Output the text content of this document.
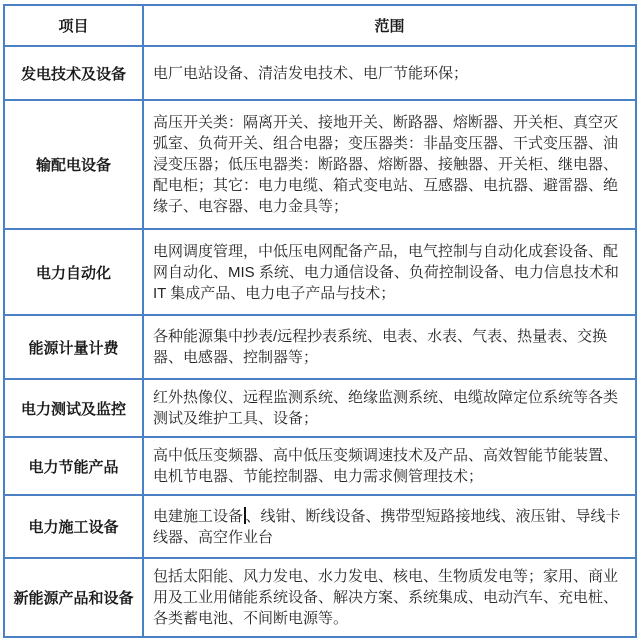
项目	范围
发电技术及设备	电厂电站设备、清洁发电技术、电厂节能环保；
输配电设备	高压开关类：隔离开关、接地开关、断路器、熔断器、开关柜、真空灭弧室、负荷开关、组合电器；变压器类：非晶变压器、干式变压器、油浸变压器；低压电器类：断路器、熔断器、接触器、开关柜、继电器、配电柜；其它：电力电缆、箱式变电站、互感器、电抗器、避雷器、绝缘子、电容器、电力金具等；
电力自动化	电网调度管理，中低压电网配备产品，电气控制与自动化成套设备、配网自动化、MIS 系统、电力通信设备、负荷控制设备、电力信息技术和 IT 集成产品、电力电子产品与技术；
能源计量计费	各种能源集中抄表/远程抄表系统、电表、水表、气表、热量表、交换器、电感器、控制器等；
电力测试及监控	红外热像仪、远程监测系统、绝缘监测系统、电缆故障定位系统等各类测试及维护工具、设备；
电力节能产品	高中低压变频器、高中低压变频调速技术及产品、高效智能节能装置、电机节电器、节能控制器、电力需求侧管理技术；
电力施工设备	电建施工设备 、线钳、断线设备、携带型短路接地线、液压钳、导线卡线器、高空作业台
新能源产品和设备	包括太阳能、风力发电、水力发电、核电、生物质发电等；家用、商业用及工业用储能系统设备、解决方案、系统集成、电动汽车、充电桩、各类蓄电池、不间断电源等。
